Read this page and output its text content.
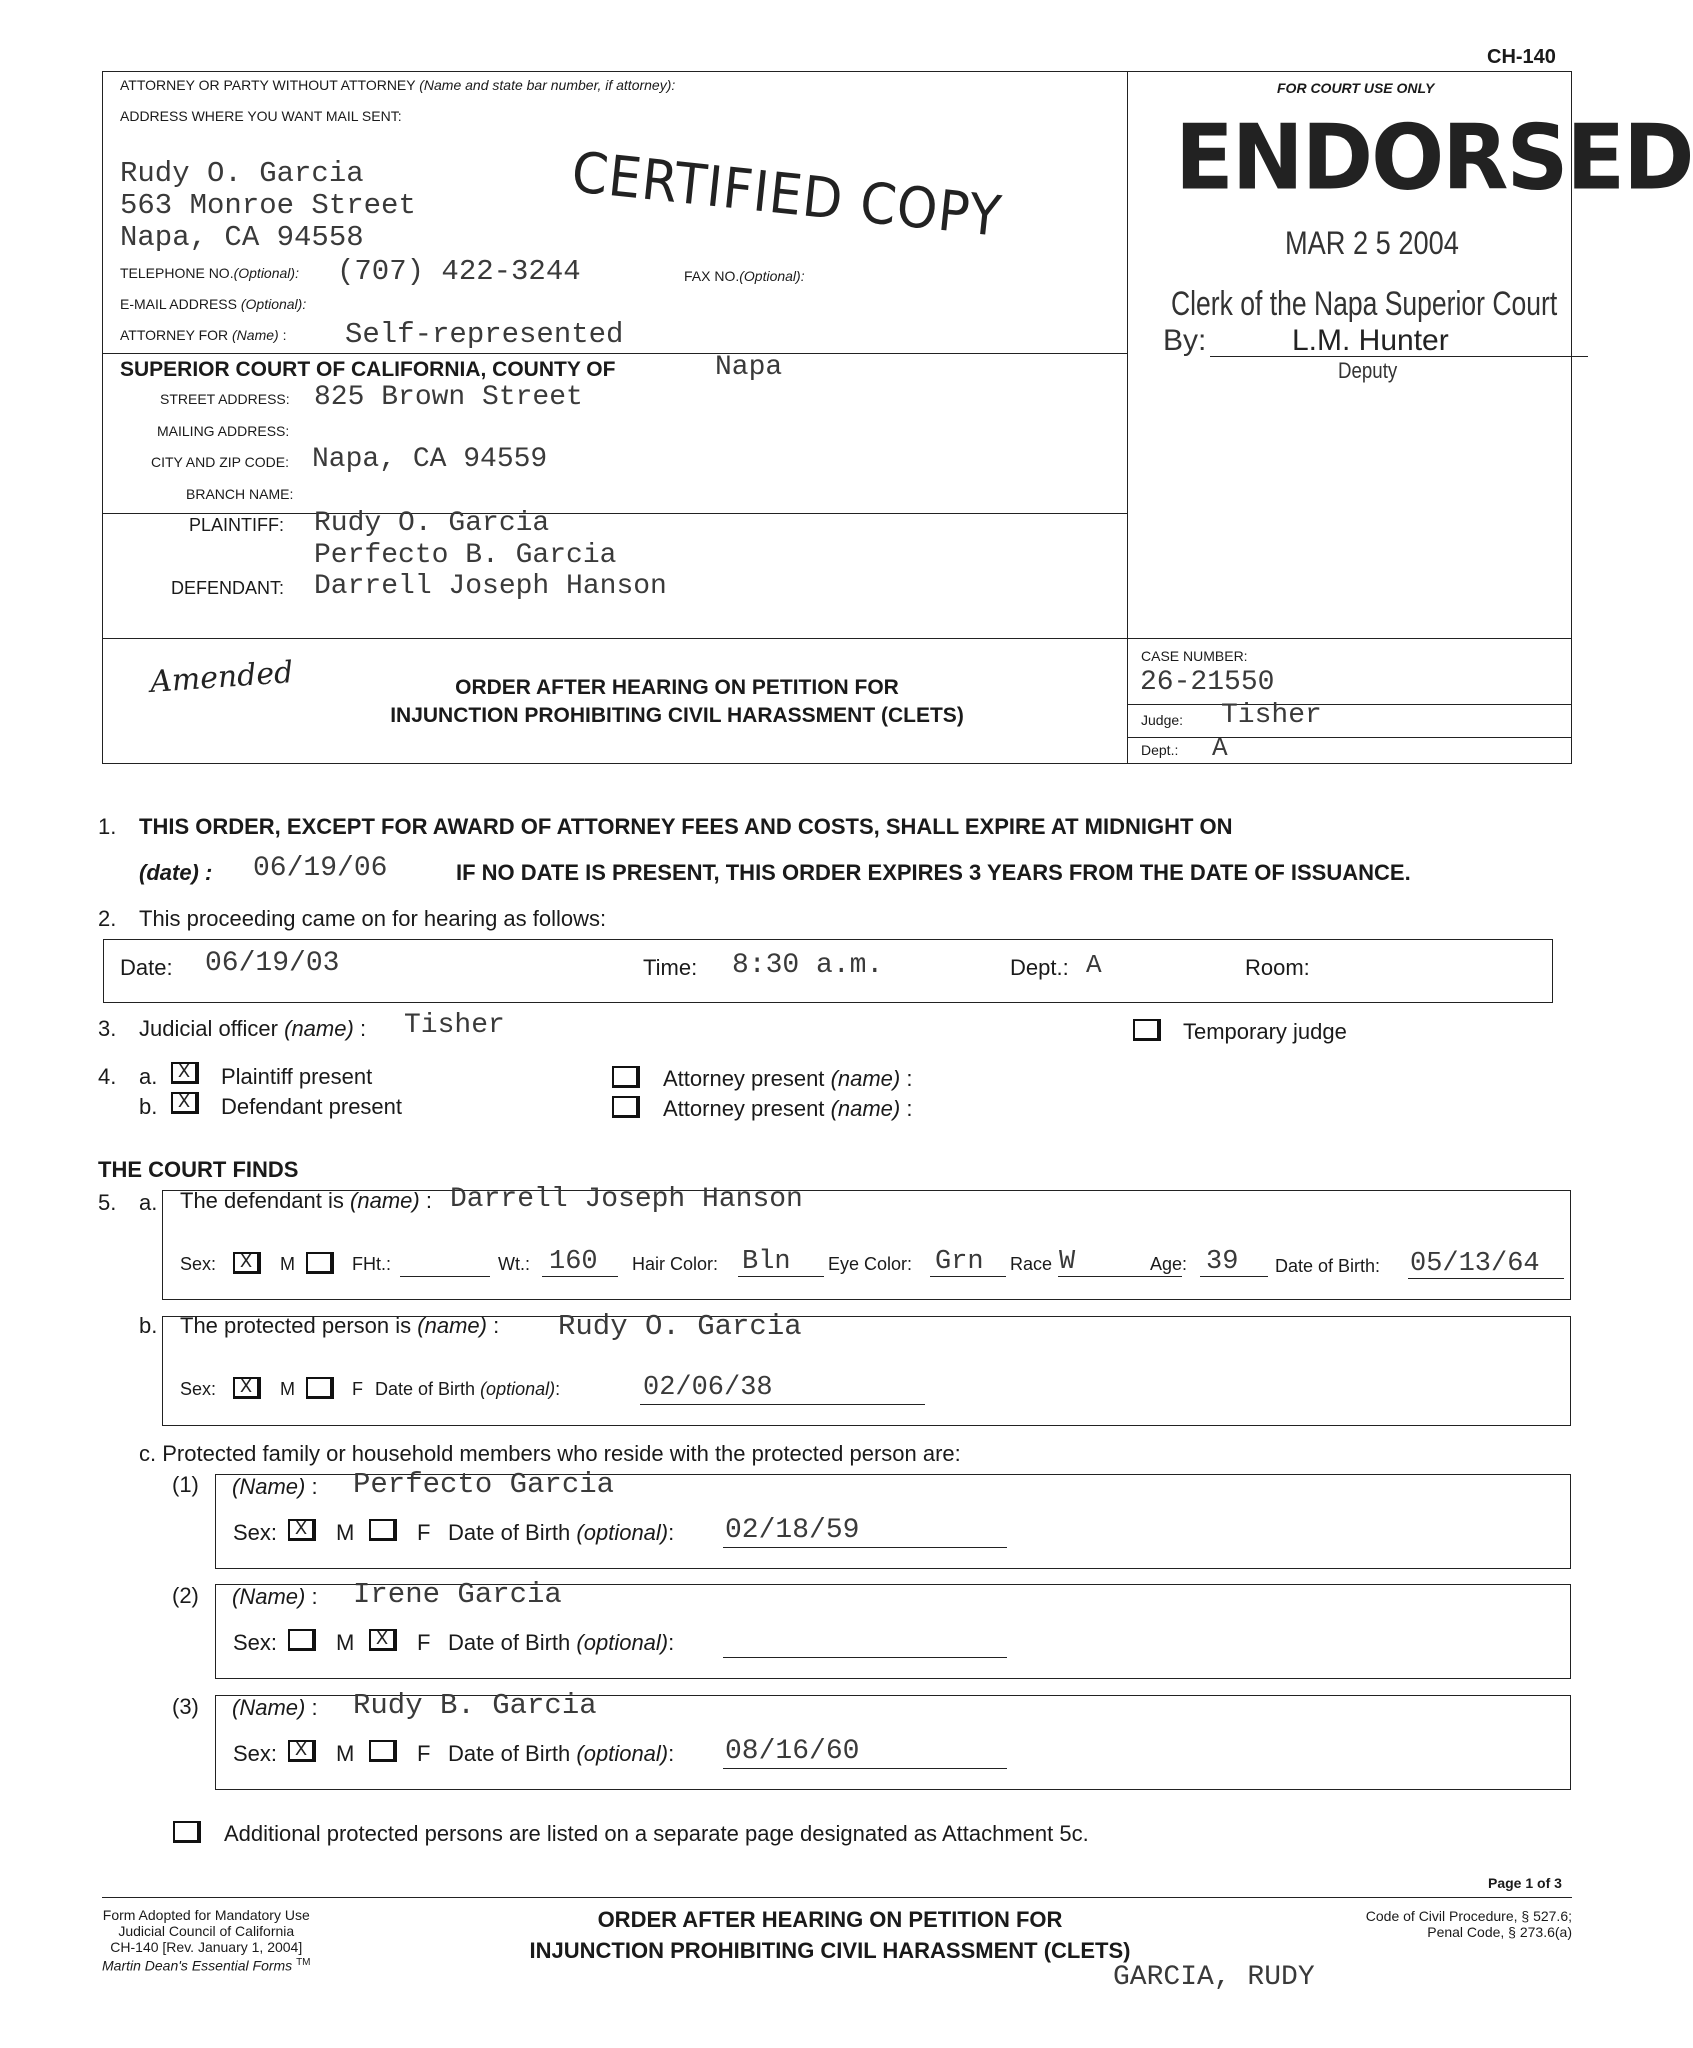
CH-140
ATTORNEY OR PARTY WITHOUT ATTORNEY (Name and state bar number, if attorney):
ADDRESS WHERE YOU WANT MAIL SENT:
Rudy O. Garcia
563 Monroe Street
Napa, CA 94558
TELEPHONE NO.(Optional): (707) 422-3244	FAX NO.(Optional):
E-MAIL ADDRESS (Optional):
ATTORNEY FOR (Name) : Self-represented
SUPERIOR COURT OF CALIFORNIA, COUNTY OF	Napa
STREET ADDRESS: 825 Brown Street
MAILING ADDRESS:
CITY AND ZIP CODE: Napa, CA 94559
BRANCH NAME:
PLAINTIFF: Rudy O. Garcia
Perfecto B. Garcia
DEFENDANT: Darrell Joseph Hanson
Amended	ORDER AFTER HEARING ON PETITION FOR
INJUNCTION PROHIBITING CIVIL HARASSMENT (CLETS)
CASE NUMBER:
26-21550
Judge: Tisher
Dept.: A
FOR COURT USE ONLY
ENDORSED
MAR 2 5 2004
Clerk of the Napa Superior Court
By:	L.M. Hunter
Deputy
CERTIFIED COPY
1. THIS ORDER, EXCEPT FOR AWARD OF ATTORNEY FEES AND COSTS, SHALL EXPIRE AT MIDNIGHT ON
(date) : 06/19/06	IF NO DATE IS PRESENT, THIS ORDER EXPIRES 3 YEARS FROM THE DATE OF ISSUANCE.
2. This proceeding came on for hearing as follows:
Date: 06/19/03	Time: 8:30 a.m.	Dept.: A	Room:
3. Judicial officer (name) : Tisher	Temporary judge
4. a.	X	Plaintiff present
b.	X	Defendant present
Attorney present (name) :
Attorney present (name) :
THE COURT FINDS
5. a. The defendant is (name) : Darrell Joseph Hanson
Sex:	X	M	FHt.:	Wt.: 160 Hair Color: Bln Eye Color: Grn Race W	Age: 39 Date of Birth: 05/13/64
b. The protected person is (name) : Rudy O. Garcia
Sex:	X	M	F Date of Birth (optional):	02/06/38
c. Protected family or household members who reside with the protected person are:
(1) (Name) : Perfecto Garcia
Sex: X	M	F Date of Birth (optional): 02/18/59
(2) (Name) : Irene Garcia
Sex:	M	X	F Date of Birth (optional):
(3) (Name) : Rudy B. Garcia
Sex: X	M	F Date of Birth (optional): 08/16/60
Additional protected persons are listed on a separate page designated as Attachment 5c.
Page 1 of 3
Form Adopted for Mandatory Use
Judicial Council of California
CH-140 [Rev. January 1, 2004]
Martin Dean's Essential Forms ™
ORDER AFTER HEARING ON PETITION FOR
INJUNCTION PROHIBITING CIVIL HARASSMENT (CLETS)
Code of Civil Procedure, § 527.6;
Penal Code, § 273.6(a)
GARCIA, RUDY
